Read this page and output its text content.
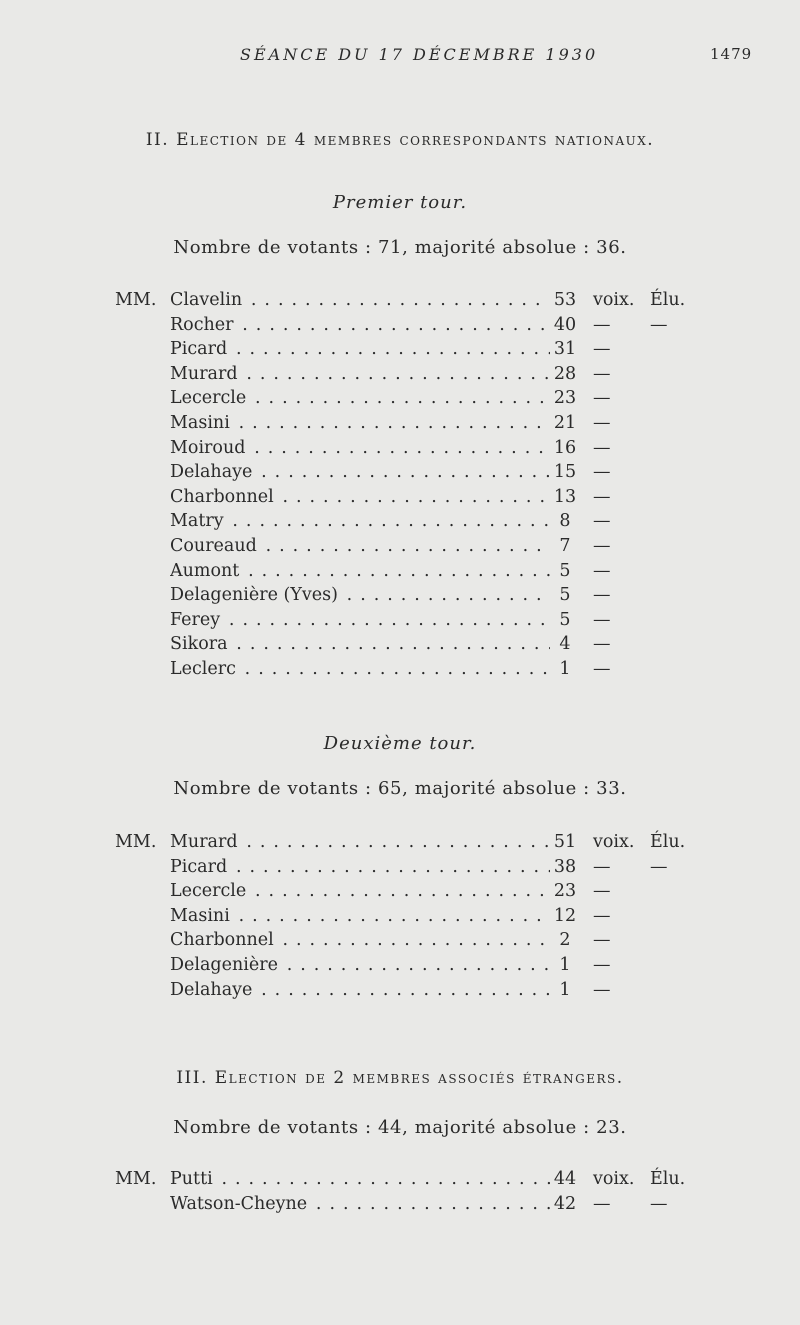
SÉANCE DU 17 DÉCEMBRE 1930	1479
II. Election de 4 membres correspondants nationaux.
Premier tour.
Nombre de votants : 71, majorité absolue : 36.
MM. Clavelin . . .	53 voix. Élu.
Rocher . . .	40 — —
Picard . . .	31 —
Murard . . .	28 —
Lecercle . . .	23 —
Masini . . .	21 —
Moiroud . . .	16 —
Delahaye . . .	15 —
Charbonnel . . .	13 —
Matry . . .	8	—
Coureaud . . .	7	—
Aumont . . .	5	—
Delagenière (Yves) . . .	5	—
Ferey . . .	5	—
Sikora . . .	4	—
Leclerc . . .	1	—
Deuxième tour.
Nombre de votants : 65, majorité absolue : 33.
MM. Murard . . .	51 voix. Élu.
Picard . . .	38 — —
Lecercle . . .	23 —
Masini . . .	12 —
Charbonnel . . .	2	—
Delagenière . . .	1	—
Delahaye . . .	1	—
III. Election de 2 membres associés étrangers.
Nombre de votants : 44, majorité absolue : 23.
MM. Putti . . .	44 voix. Élu.
Watson-Cheyne . . .	42 — —
